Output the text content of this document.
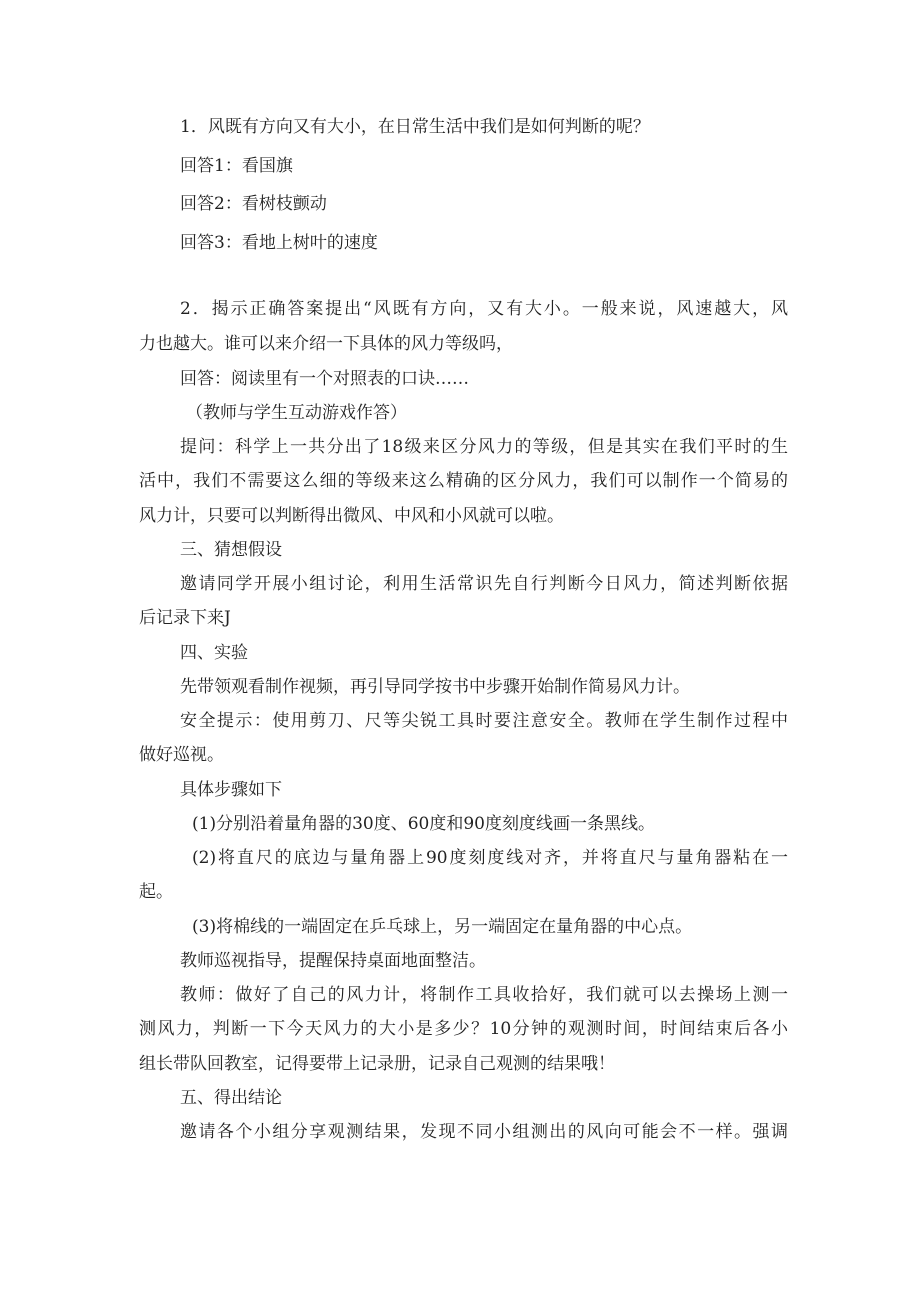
1．风既有方向又有大小，在日常生活中我们是如何判断的呢？
回答1：看国旗
回答2：看树枝颤动
回答3：看地上树叶的速度
2．揭示正确答案提出“风既有方向，又有大小。一般来说，风速越大，风
力也越大。谁可以来介绍一下具体的风力等级吗，
回答：阅读里有一个对照表的口诀……
（教师与学生互动游戏作答）
提问：科学上一共分出了18级来区分风力的等级，但是其实在我们平时的生
活中，我们不需要这么细的等级来这么精确的区分风力，我们可以制作一个简易的
风力计，只要可以判断得出微风、中风和小风就可以啦。
三、猜想假设
邀请同学开展小组讨论，利用生活常识先自行判断今日风力，简述判断依据
后记录下来J
四、实验
先带领观看制作视频，再引导同学按书中步骤开始制作简易风力计。
安全提示：使用剪刀、尺等尖锐工具时要注意安全。教师在学生制作过程中
做好巡视。
具体步骤如下
(1)分别沿着量角器的30度、60度和90度刻度线画一条黑线。
(2)将直尺的底边与量角器上90度刻度线对齐，并将直尺与量角器粘在一
起。
(3)将棉线的一端固定在乒乓球上，另一端固定在量角器的中心点。
教师巡视指导，提醒保持桌面地面整洁。
教师：做好了自己的风力计，将制作工具收拾好，我们就可以去操场上测一
测风力，判断一下今天风力的大小是多少？10分钟的观测时间，时间结束后各小
组长带队回教室，记得要带上记录册，记录自己观测的结果哦！
五、得出结论
邀请各个小组分享观测结果，发现不同小组测出的风向可能会不一样。强调
